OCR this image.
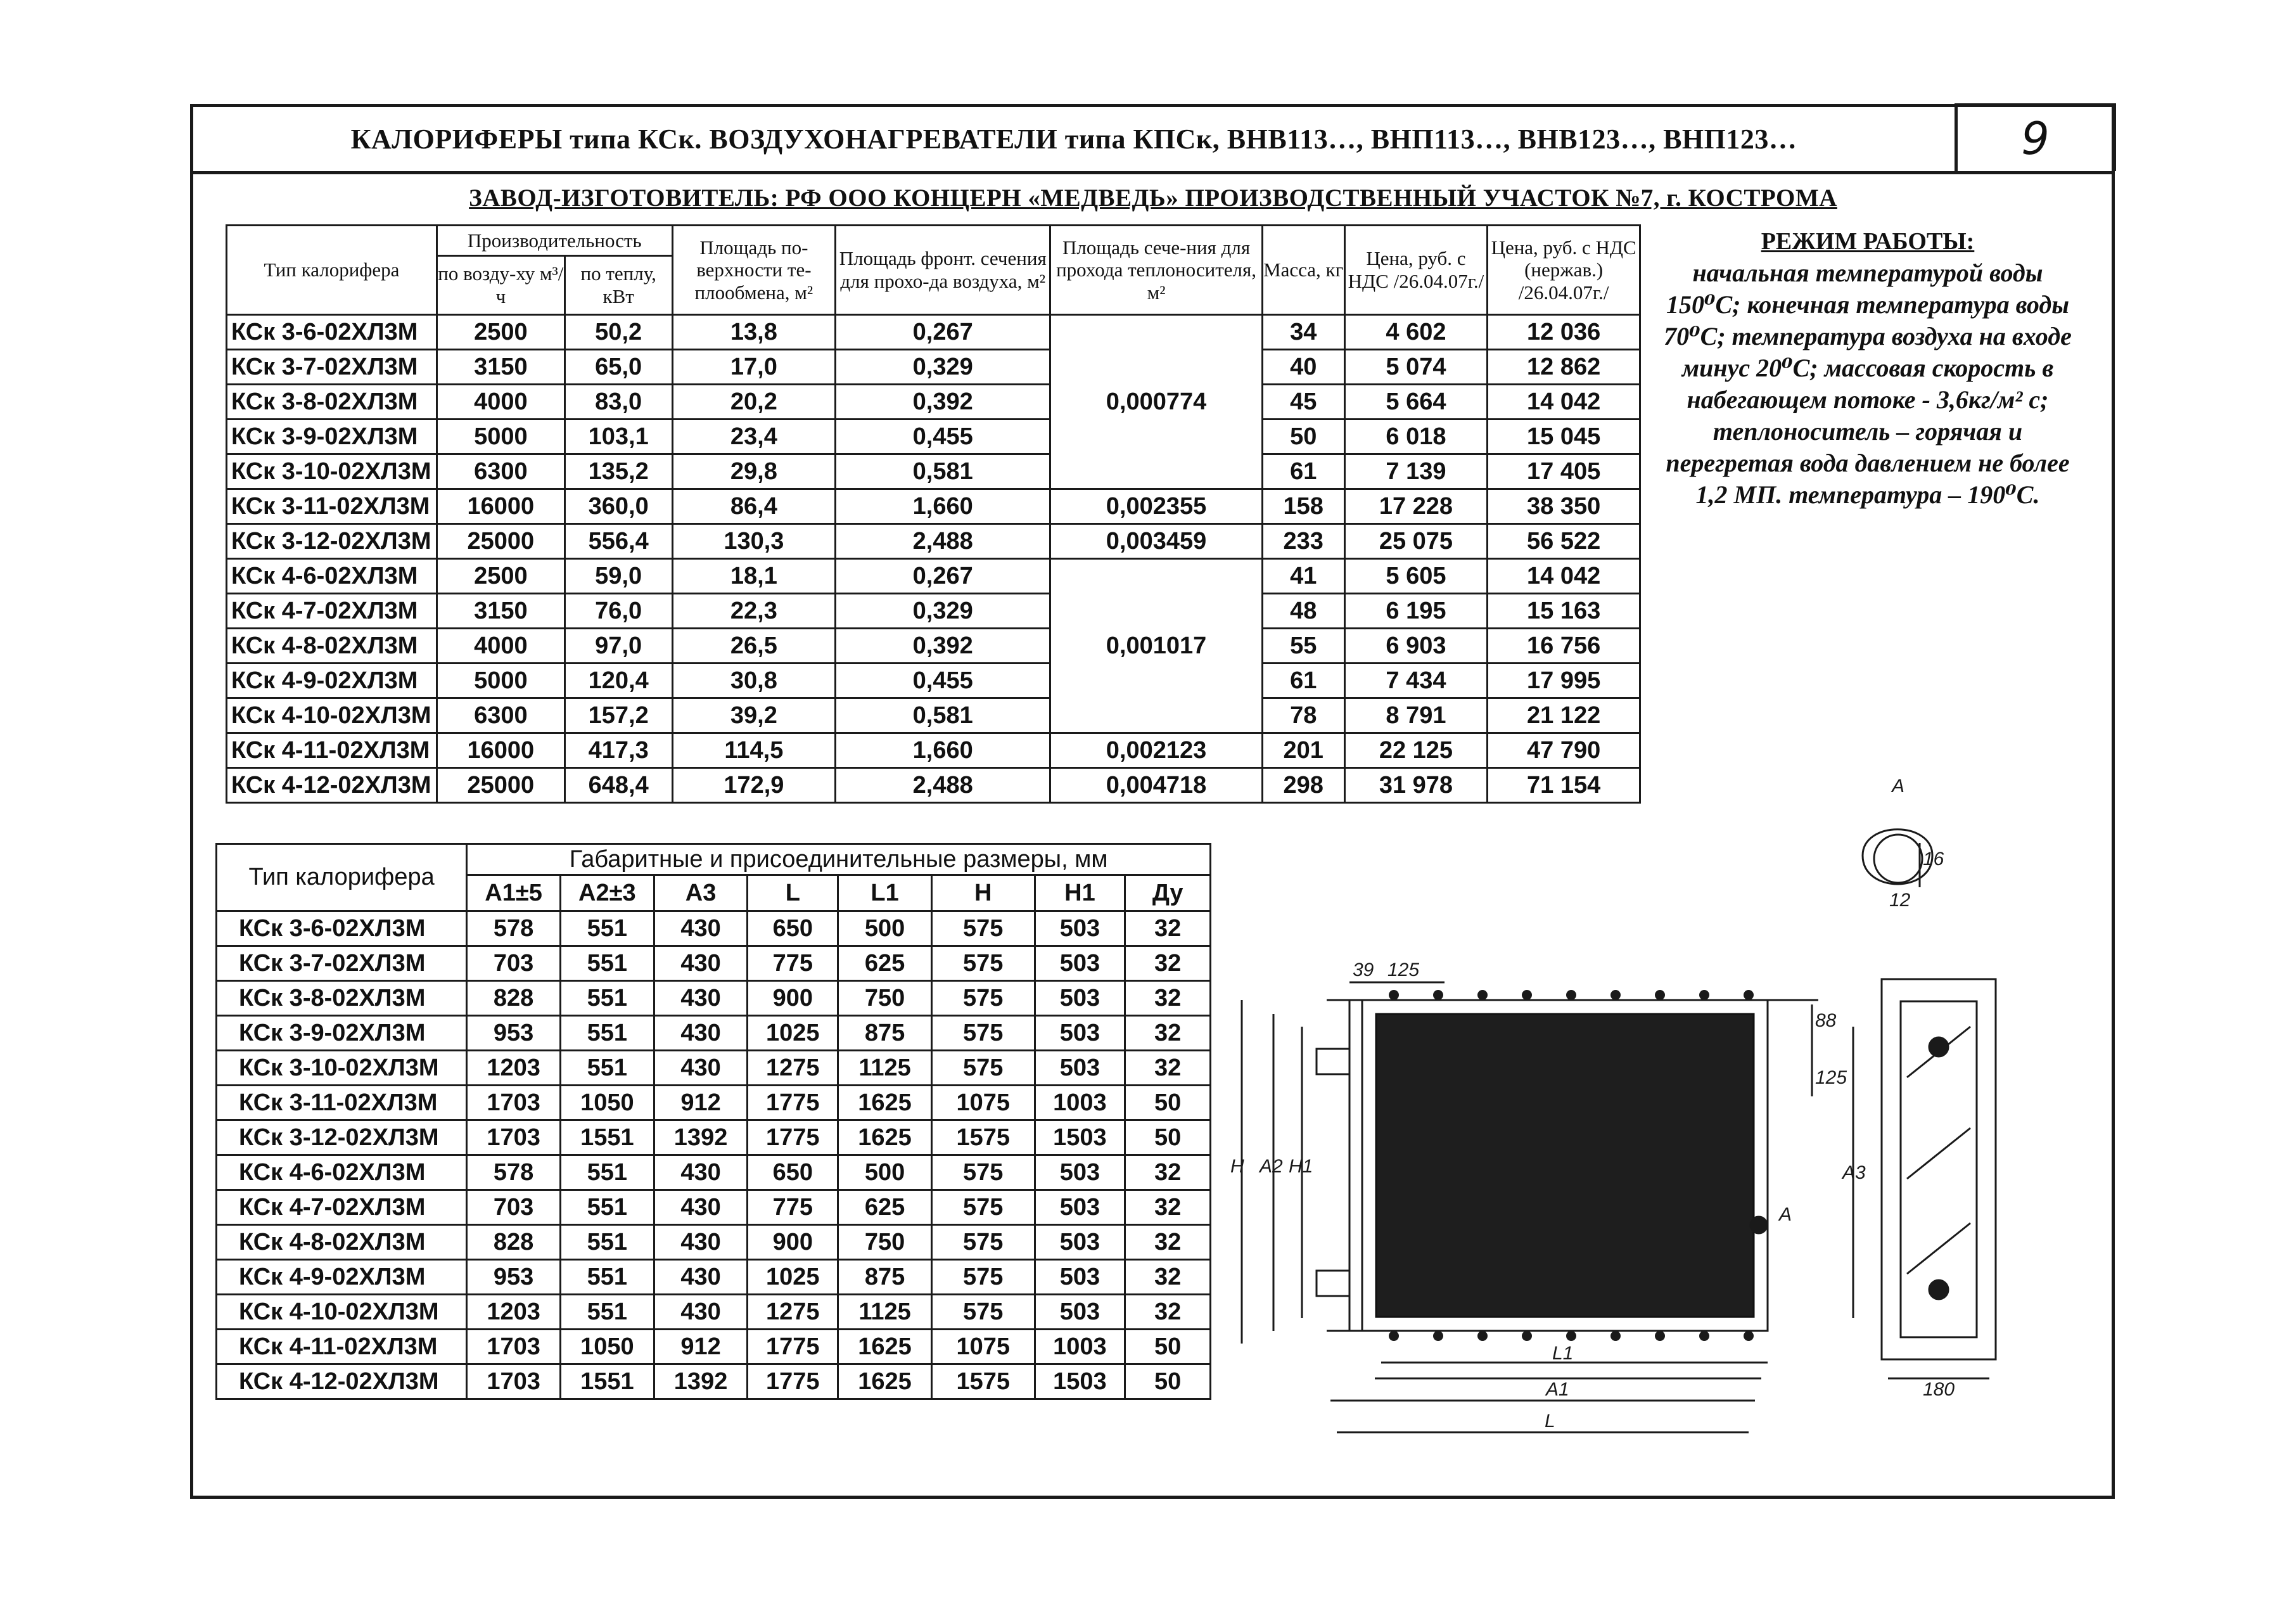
КАЛОРИФЕРЫ типа КСк. ВОЗДУХОНАГРЕВАТЕЛИ типа КПСк, ВНВ113…, ВНП113…, ВНВ123…, ВНП123…	9
ЗАВОД-ИЗГОТОВИТЕЛЬ: РФ ООО КОНЦЕРН «МЕДВЕДЬ» ПРОИЗВОДСТВЕННЫЙ УЧАСТОК №7, г. КОСТРОМА
Тип калорифера	Производительность		Площадь по-верхности те-плообмена, м²	Площадь фронт. сечения для прохо-да воздуха, м²	Площадь сече-ния для прохода теплоносителя, м²	Масса, кг	Цена, руб. с НДС /26.04.07г./	Цена, руб. с НДС (нержав.) /26.04.07г./
	по возду-ху м³/ч	по теплу, кВт						
КСк 3-6-02ХЛ3М	2500	50,2	13,8	0,267	0,000774	34	4 602	12 036
КСк 3-7-02ХЛ3М	3150	65,0	17,0	0,329		40	5 074	12 862
КСк 3-8-02ХЛ3М	4000	83,0	20,2	0,392		45	5 664	14 042
КСк 3-9-02ХЛ3М	5000	103,1	23,4	0,455		50	6 018	15 045
КСк 3-10-02ХЛ3М	6300	135,2	29,8	0,581		61	7 139	17 405
КСк 3-11-02ХЛ3М	16000	360,0	86,4	1,660	0,002355	158	17 228	38 350
КСк 3-12-02ХЛ3М	25000	556,4	130,3	2,488	0,003459	233	25 075	56 522
КСк 4-6-02ХЛ3М	2500	59,0	18,1	0,267	0,001017	41	5 605	14 042
КСк 4-7-02ХЛ3М	3150	76,0	22,3	0,329		48	6 195	15 163
КСк 4-8-02ХЛ3М	4000	97,0	26,5	0,392		55	6 903	16 756
КСк 4-9-02ХЛ3М	5000	120,4	30,8	0,455		61	7 434	17 995
КСк 4-10-02ХЛ3М	6300	157,2	39,2	0,581		78	8 791	21 122
КСк 4-11-02ХЛ3М	16000	417,3	114,5	1,660	0,002123	201	22 125	47 790
КСк 4-12-02ХЛ3М	25000	648,4	172,9	2,488	0,004718	298	31 978	71 154
РЕЖИМ РАБОТЫ:
начальная температурой воды 150⁰С; конечная температура воды 70⁰С; температура воздуха на входе минус 20⁰С; массовая скорость в набегающем потоке - 3,6кг/м² с; теплоноситель – горячая и перегретая вода давлением не более 1,2 МП. температура – 190⁰С.
Тип калорифера	Габаритные и присоединительные размеры, мм							
	А1±5	А2±3	А3	L	L1	H	H1	Ду
КСк 3-6-02ХЛ3М	578	551	430	650	500	575	503	32
КСк 3-7-02ХЛ3М	703	551	430	775	625	575	503	32
КСк 3-8-02ХЛ3М	828	551	430	900	750	575	503	32
КСк 3-9-02ХЛ3М	953	551	430	1025	875	575	503	32
КСк 3-10-02ХЛ3М	1203	551	430	1275	1125	575	503	32
КСк 3-11-02ХЛ3М	1703	1050	912	1775	1625	1075	1003	50
КСк 3-12-02ХЛ3М	1703	1551	1392	1775	1625	1575	1503	50
КСк 4-6-02ХЛ3М	578	551	430	650	500	575	503	32
КСк 4-7-02ХЛ3М	703	551	430	775	625	575	503	32
КСк 4-8-02ХЛ3М	828	551	430	900	750	575	503	32
КСк 4-9-02ХЛ3М	953	551	430	1025	875	575	503	32
КСк 4-10-02ХЛ3М	1203	551	430	1275	1125	575	503	32
КСк 4-11-02ХЛ3М	1703	1050	912	1775	1625	1075	1003	50
КСк 4-12-02ХЛ3М	1703	1551	1392	1775	1625	1575	1503	50
А
А
39 125
88
125
H A2 H1
L1
A1
L
16
12
A3
180
